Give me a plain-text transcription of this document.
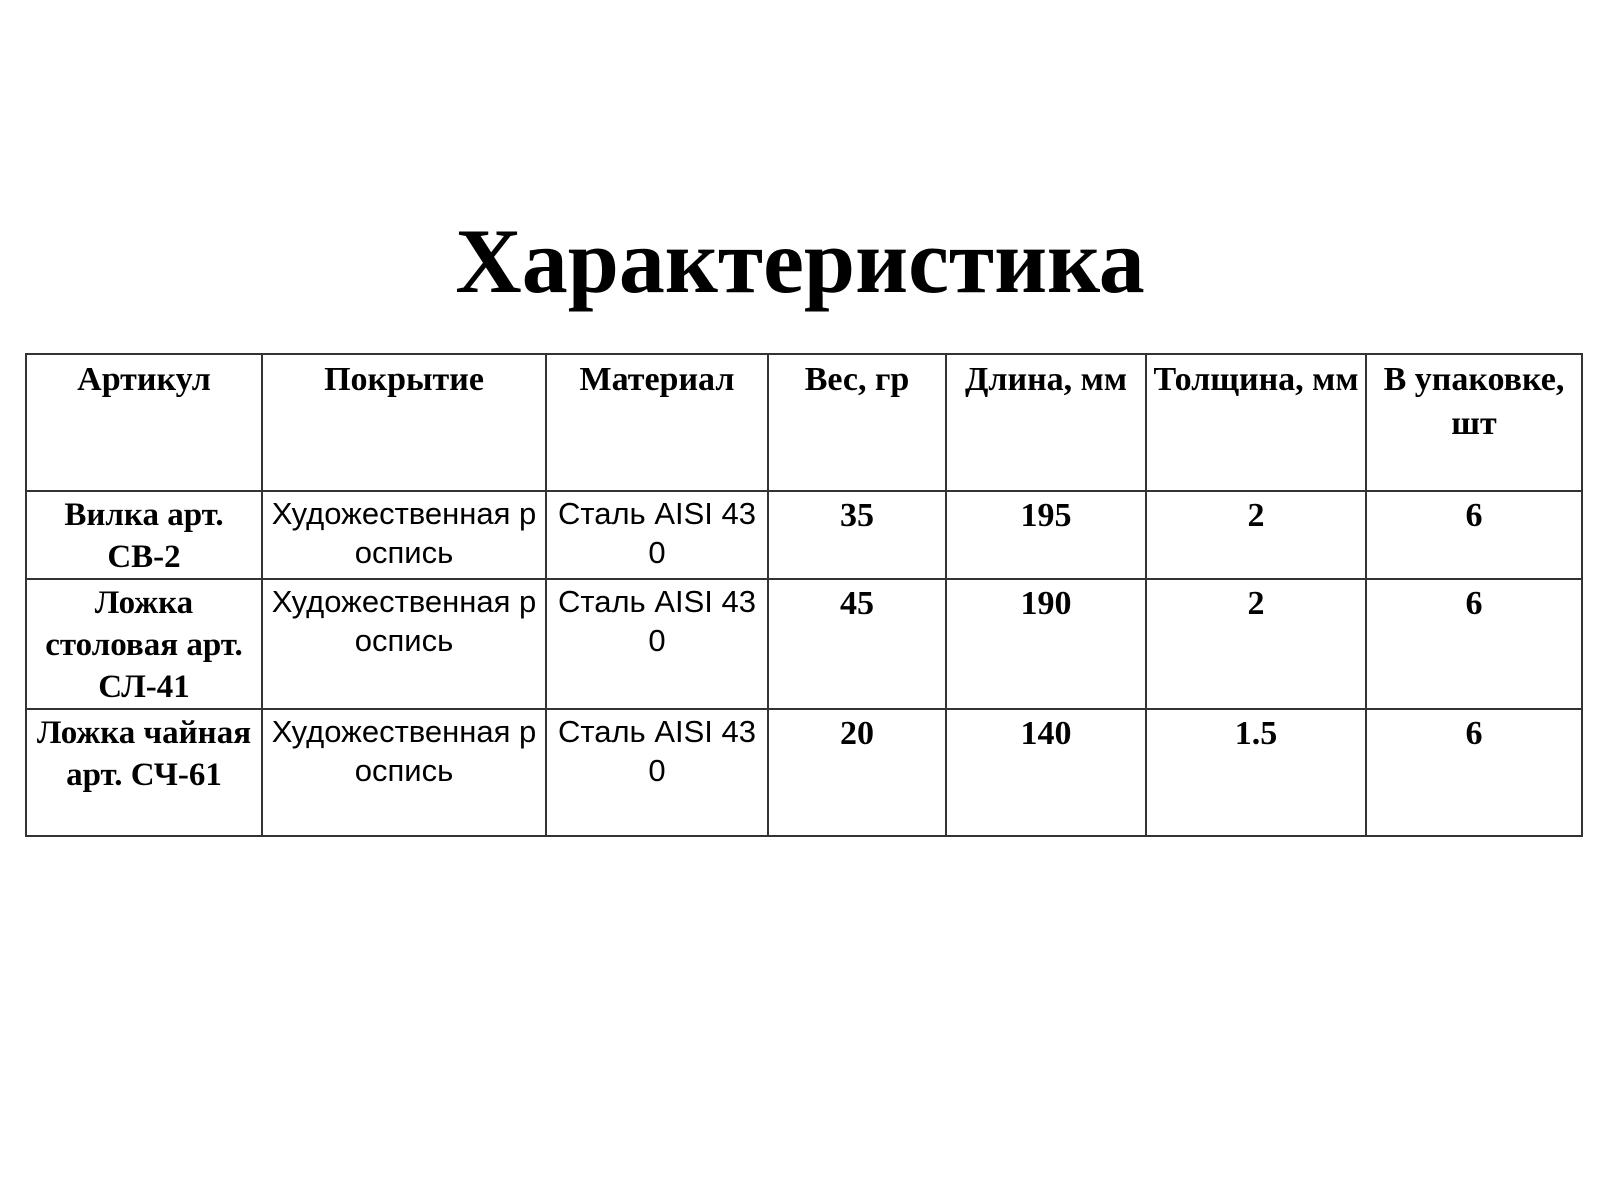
Характеристика
Артикул	Покрытие	Материал	Вес, гр	Длина, мм	Толщина, мм	В упаковке, шт
Вилка арт. СВ-2	Художественная роспись	Сталь AISI 430	35	195	2	6
Ложка столовая арт. СЛ-41	Художественная роспись	Сталь AISI 430	45	190	2	6
Ложка чайная арт. СЧ-61	Художественная роспись	Сталь AISI 430	20	140	1.5	6
